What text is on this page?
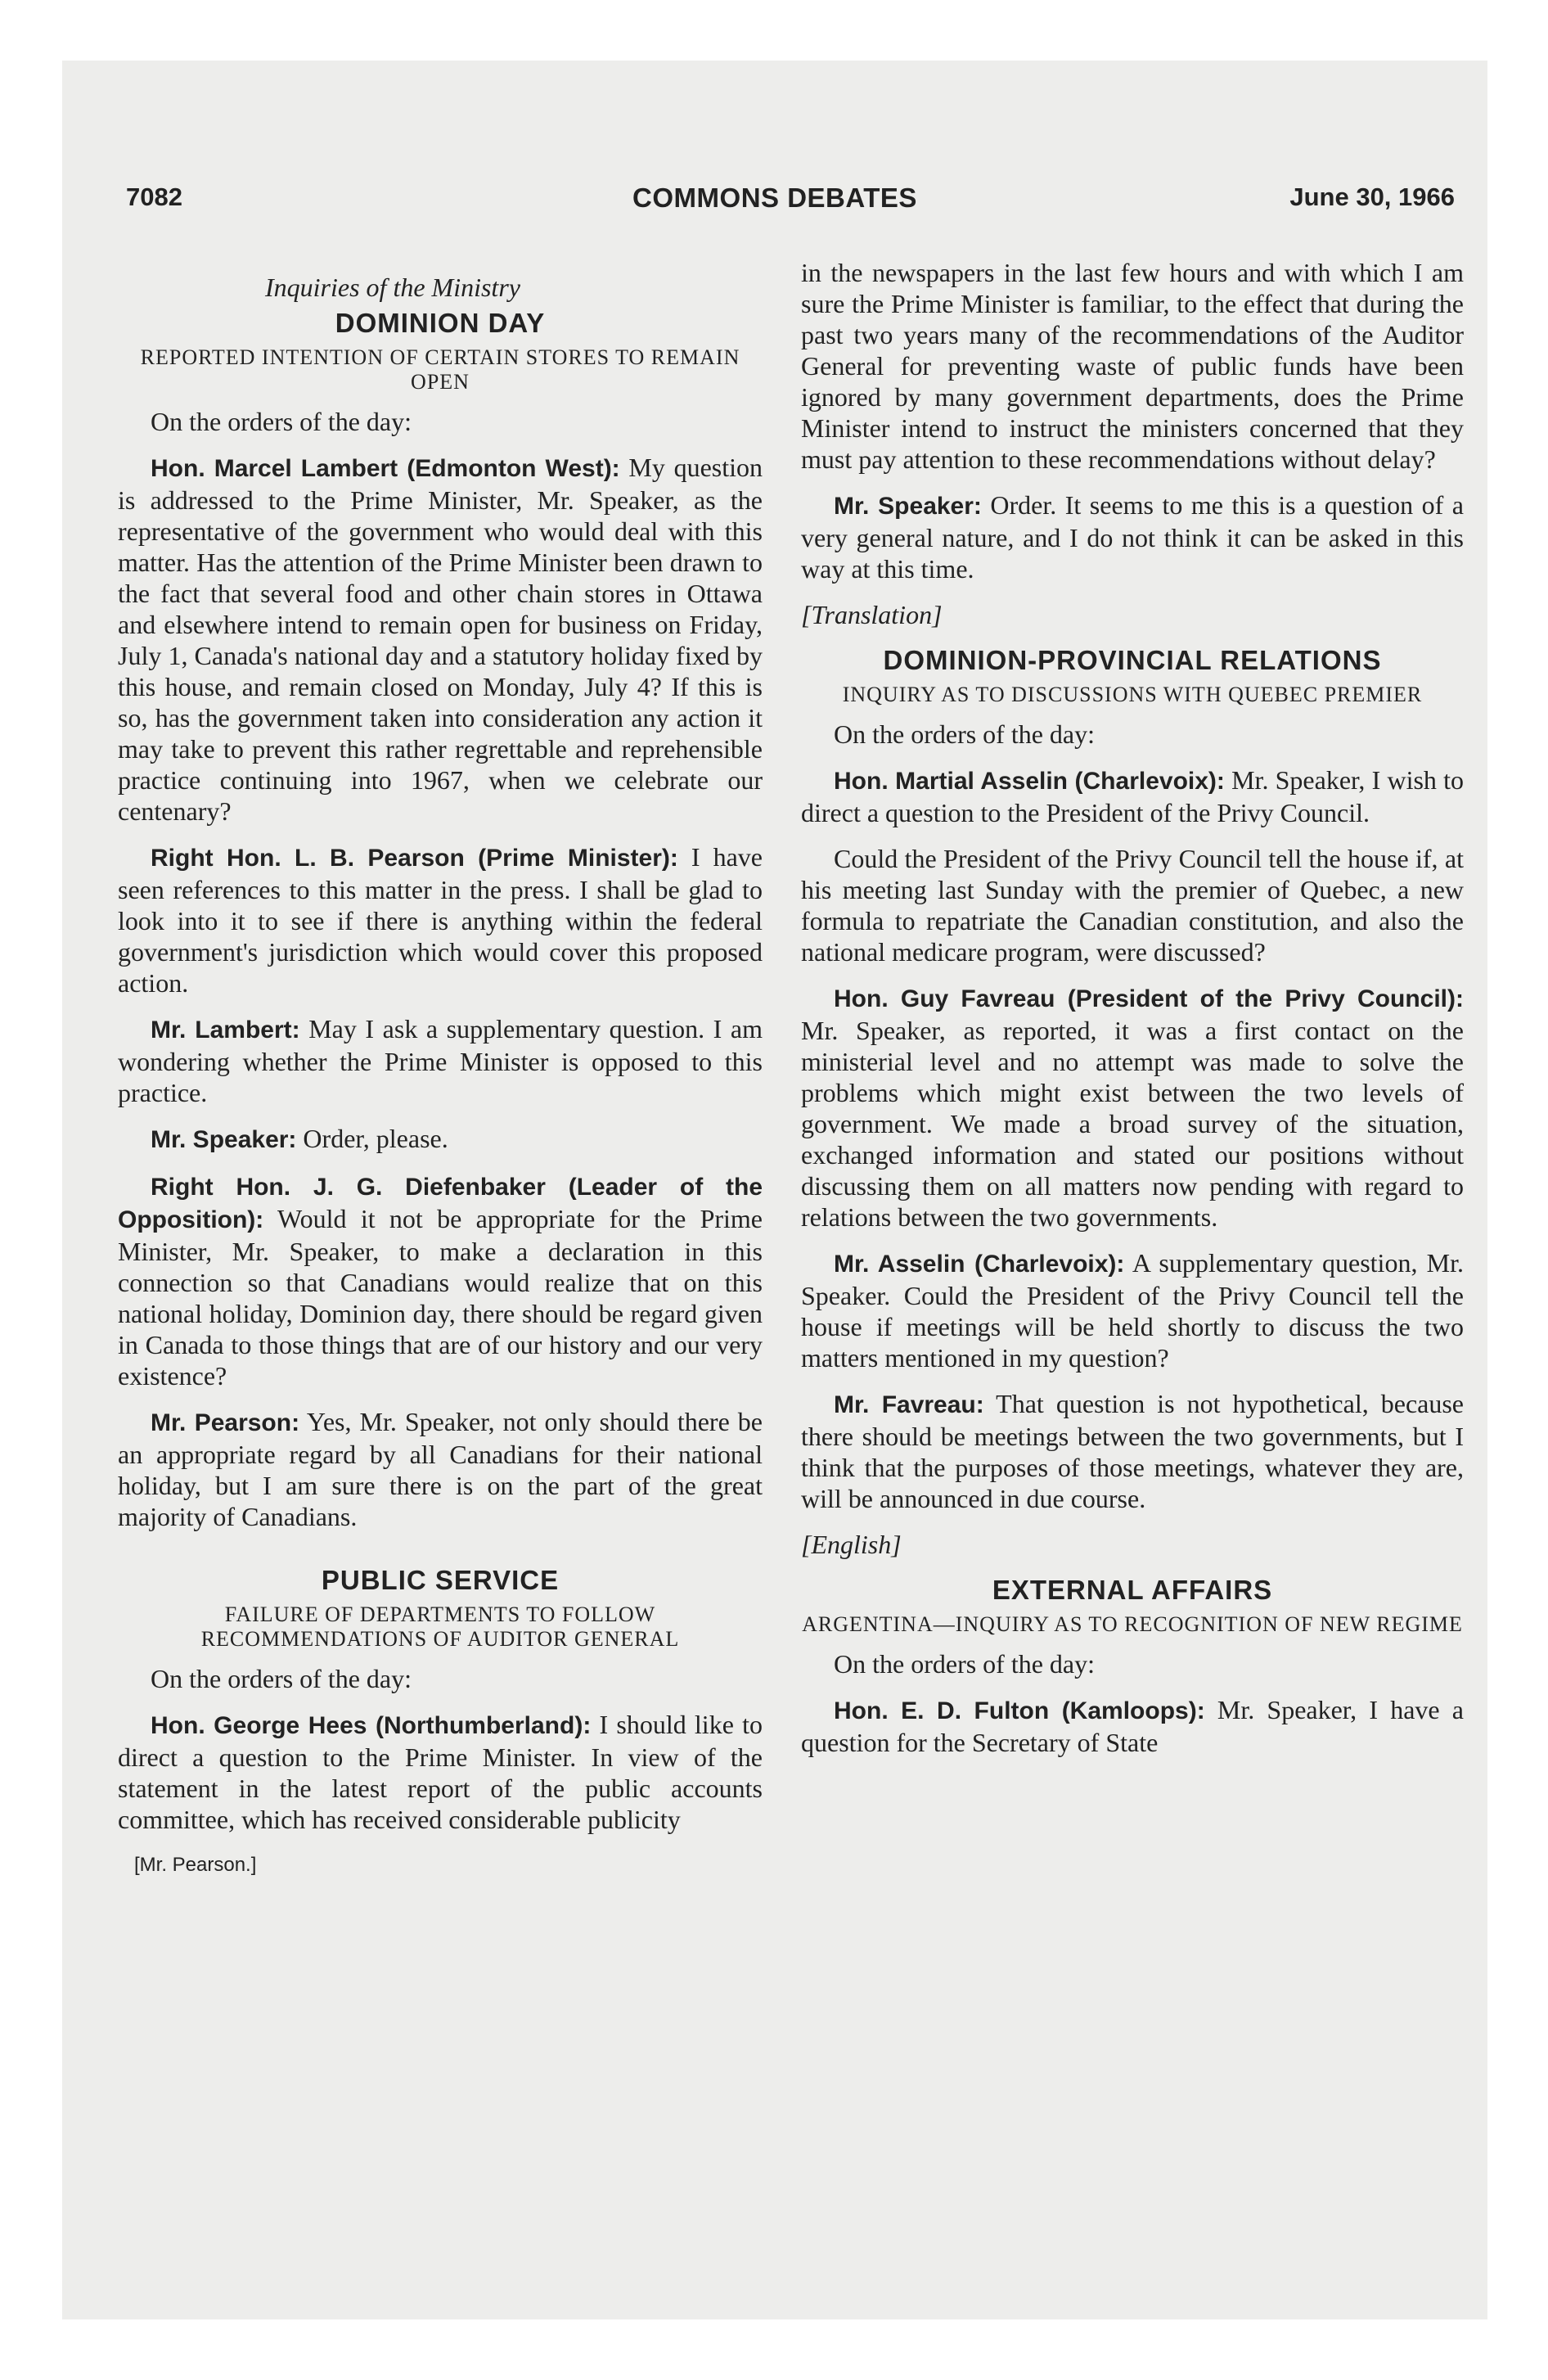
7082	COMMONS DEBATES	June 30, 1966

Inquiries of the Ministry

DOMINION DAY
REPORTED INTENTION OF CERTAIN STORES TO REMAIN OPEN

On the orders of the day:

Hon. Marcel Lambert (Edmonton West): My question is addressed to the Prime Minister, Mr. Speaker, as the representative of the government who would deal with this matter. Has the attention of the Prime Minister been drawn to the fact that several food and other chain stores in Ottawa and elsewhere intend to remain open for business on Friday, July 1, Canada's national day and a statutory holiday fixed by this house, and remain closed on Monday, July 4? If this is so, has the government taken into consideration any action it may take to prevent this rather regrettable and reprehensible practice continuing into 1967, when we celebrate our centenary?

Right Hon. L. B. Pearson (Prime Minister): I have seen references to this matter in the press. I shall be glad to look into it to see if there is anything within the federal government's jurisdiction which would cover this proposed action.

Mr. Lambert: May I ask a supplementary question. I am wondering whether the Prime Minister is opposed to this practice.

Mr. Speaker: Order, please.

Right Hon. J. G. Diefenbaker (Leader of the Opposition): Would it not be appropriate for the Prime Minister, Mr. Speaker, to make a declaration in this connection so that Canadians would realize that on this national holiday, Dominion day, there should be regard given in Canada to those things that are of our history and our very existence?

Mr. Pearson: Yes, Mr. Speaker, not only should there be an appropriate regard by all Canadians for their national holiday, but I am sure there is on the part of the great majority of Canadians.

PUBLIC SERVICE
FAILURE OF DEPARTMENTS TO FOLLOW RECOMMENDATIONS OF AUDITOR GENERAL

On the orders of the day:

Hon. George Hees (Northumberland): I should like to direct a question to the Prime Minister. In view of the statement in the latest report of the public accounts committee, which has received considerable publicity

[Mr. Pearson.]

in the newspapers in the last few hours and with which I am sure the Prime Minister is familiar, to the effect that during the past two years many of the recommendations of the Auditor General for preventing waste of public funds have been ignored by many government departments, does the Prime Minister intend to instruct the ministers concerned that they must pay attention to these recommendations without delay?

Mr. Speaker: Order. It seems to me this is a question of a very general nature, and I do not think it can be asked in this way at this time.

[Translation]

DOMINION-PROVINCIAL RELATIONS
INQUIRY AS TO DISCUSSIONS WITH QUEBEC PREMIER

On the orders of the day:

Hon. Martial Asselin (Charlevoix): Mr. Speaker, I wish to direct a question to the President of the Privy Council.

Could the President of the Privy Council tell the house if, at his meeting last Sunday with the premier of Quebec, a new formula to repatriate the Canadian constitution, and also the national medicare program, were discussed?

Hon. Guy Favreau (President of the Privy Council): Mr. Speaker, as reported, it was a first contact on the ministerial level and no attempt was made to solve the problems which might exist between the two levels of government. We made a broad survey of the situation, exchanged information and stated our positions without discussing them on all matters now pending with regard to relations between the two governments.

Mr. Asselin (Charlevoix): A supplementary question, Mr. Speaker. Could the President of the Privy Council tell the house if meetings will be held shortly to discuss the two matters mentioned in my question?

Mr. Favreau: That question is not hypothetical, because there should be meetings between the two governments, but I think that the purposes of those meetings, whatever they are, will be announced in due course.

[English]

EXTERNAL AFFAIRS
ARGENTINA—INQUIRY AS TO RECOGNITION OF NEW REGIME

On the orders of the day:

Hon. E. D. Fulton (Kamloops): Mr. Speaker, I have a question for the Secretary of State
